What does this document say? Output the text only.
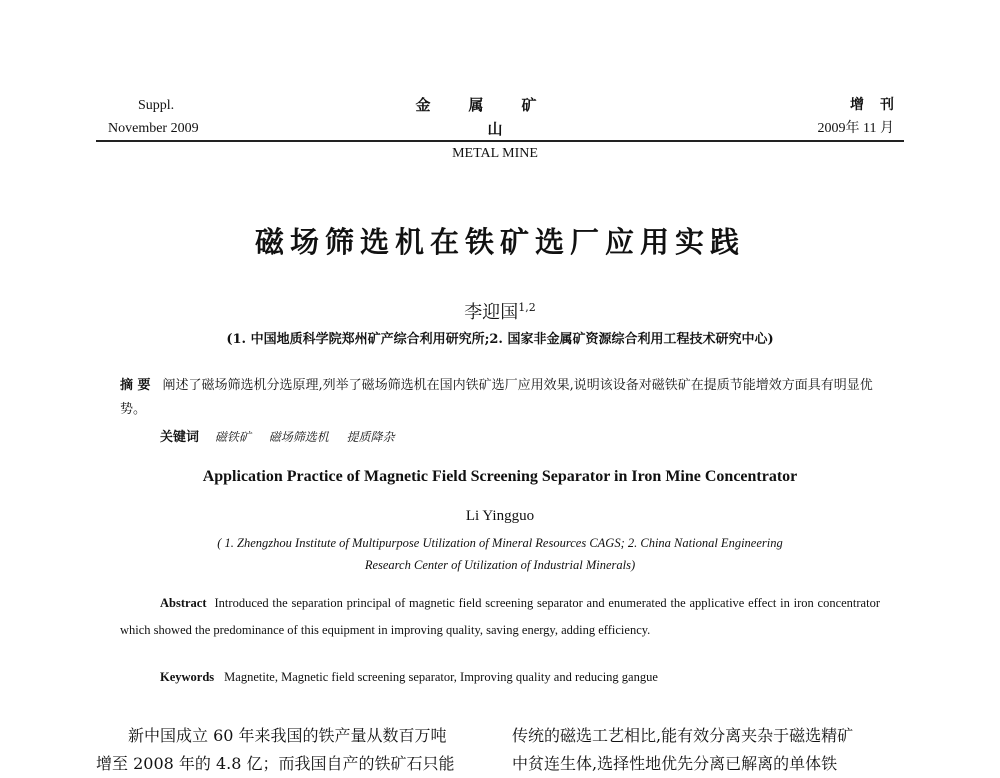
Suppl.
November 2009
金属矿山
METAL MINE
增刊
2009年 11 月
磁场筛选机在铁矿选厂应用实践
李迎国$^{1,2}$
(1. 中国地质科学院郑州矿产综合利用研究所;2. 国家非金属矿资源综合利用工程技术研究中心)
摘 要 阐述了磁场筛选机分选原理,列举了磁场筛选机在国内铁矿选厂应用效果,说明该设备对磁铁矿在提质节能增效方面具有明显优势。
关键词 磁铁矿 磁场筛选机 提质降杂
Application Practice of Magnetic Field Screening Separator in Iron Mine Concentrator
Li Yingguo
( 1. Zhengzhou Institute of Multipurpose Utilization of Mineral Resources CAGS; 2. China National Engineering
Research Center of Utilization of Industrial Minerals)
Abstract Introduced the separation principal of magnetic field screening separator and enumerated the applicative effect in iron concentrator which showed the predominance of this equipment in improving quality, saving energy, adding efficiency.
Keywords Magnetite, Magnetic field screening separator, Improving quality and reducing gangue
新中国成立 60 年来我国的铁产量从数百万吨
增至 2008 年的 4.8 亿；而我国自产的铁矿石只能
传统的磁选工艺相比,能有效分离夹杂于磁选精矿
中贫连生体,选择性地优先分离已解离的单体铁
